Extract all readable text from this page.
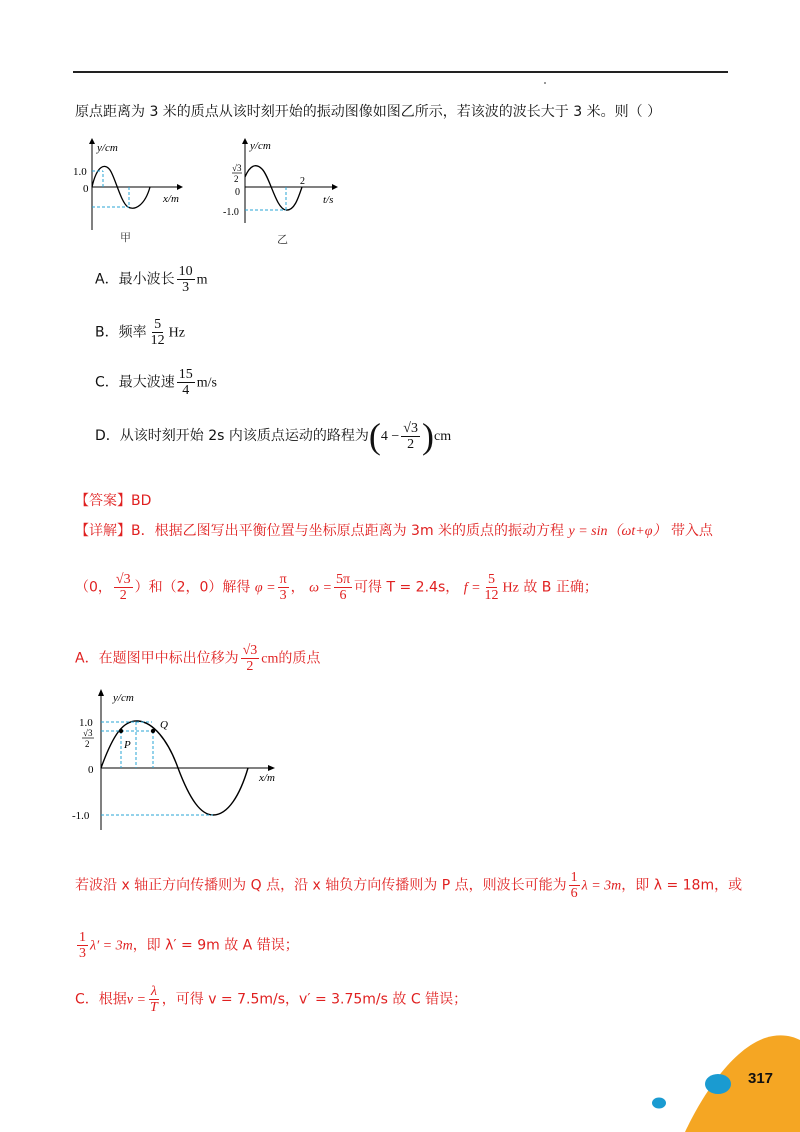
原点距离为 3 米的质点从该时刻开始的振动图像如图乙所示，若该波的波长大于 3 米。则（ ）
y/cm
1.0
0
x/m
甲
y/cm
√3
2
0
-1.0
2
t/s
乙
A．最小波长 $\frac{10}{3}$ m
B．频率 $\frac{5}{12}$ Hz
C．最大波速 $\frac{15}{4} m/s$
D．从该时刻开始 2s 内该质点运动的路程为$(4 - \frac{√3}{2} )cm$
【答案】BD
【详解】B．根据乙图写出平衡位置与坐标原点距离为 3m 米的质点的振动方程 y = sin（ωt+φ） 带入点
（0， $\frac{√3}{2}$ ）和（2，0）解得 $\varphi = \frac{\pi}{3}$ ， $\omega = \frac{5\pi}{6}$ 可得 T = 2.4s， $f = \frac{5}{12}$ Hz 故 B 正确；
A．在题图甲中标出位移为 $\frac{√3}{2}$ cm的质点
y/cm
1.0
√3
2
0
-1.0
x/m
P
Q
若波沿 x 轴正方向传播则为 Q 点，沿 x 轴负方向传播则为 P 点，则波长可能为 $\frac{1}{6}$ λ = 3m，即 λ = 18m，或
$\frac{1}{3} \lambda' = 3m$，即 λ′ = 9m 故 A 错误；
C．根据$v = \frac{\lambda}{T}$ ，可得 v = 7.5m/s，v′ = 3.75m/s 故 C 错误；
317
